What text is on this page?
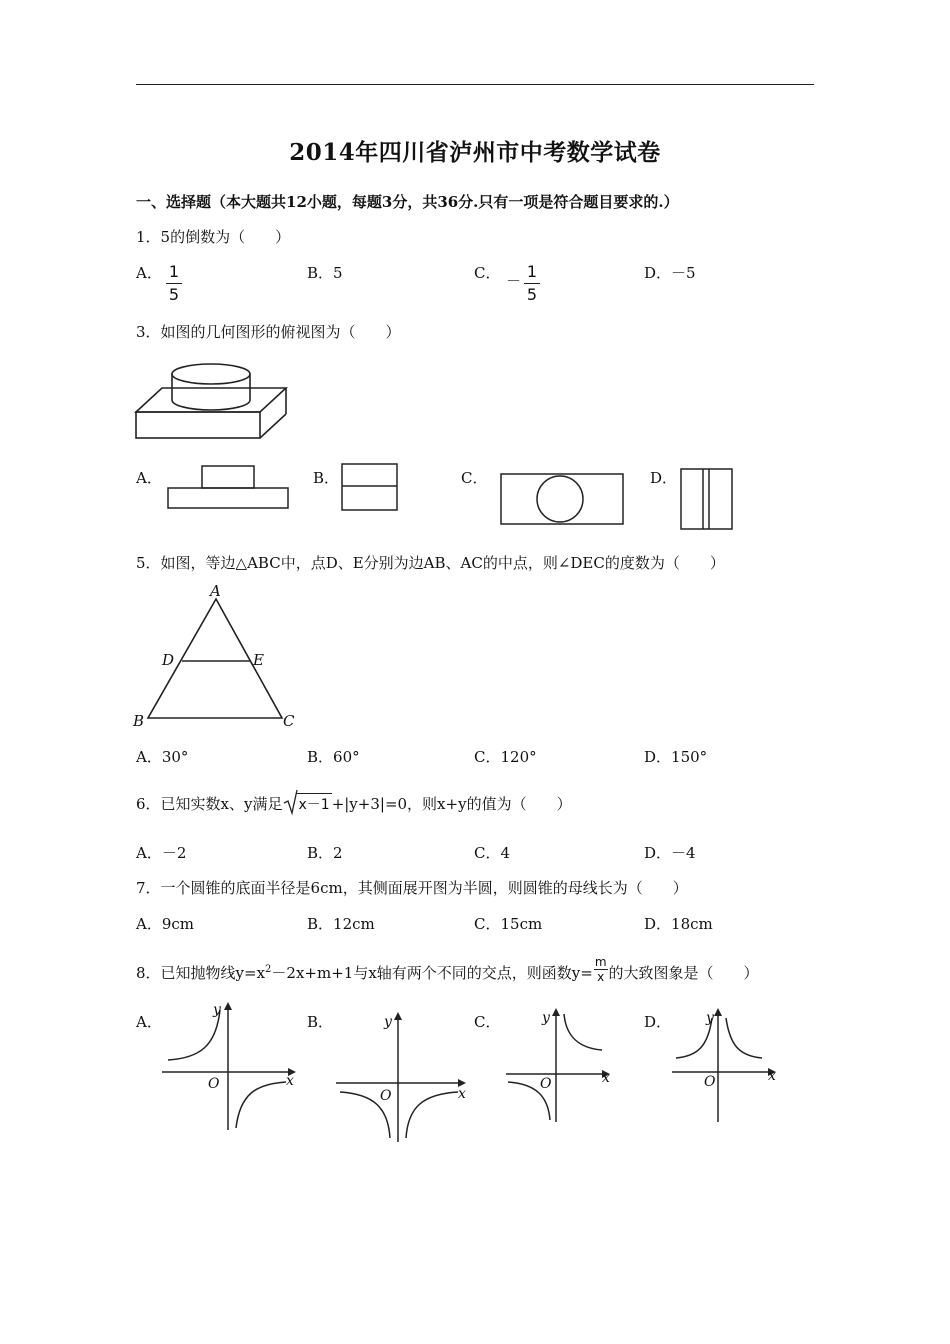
2014年四川省泸州市中考数学试卷
一、选择题（本大题共12小题，每题3分，共36分.只有一项是符合题目要求的.）
1．5的倒数为（　　）
A． 1
5
B．5	C． － 1
5
D．－5
3．如图的几何图形的俯视图为（　　）
A．	B．	C．	D．
5．如图，等边△ABC中，点D、E分别为边AB、AC的中点，则∠DEC的度数为（　　）
A
B	C
D	E
A．30°	B．60°	C．120°	D．150°
6．已知实数x、y满足 x－1 +|y+3|=0，则x+y的值为（　　）
A．－2	B．2	C．4	D．－4
7．一个圆锥的底面半径是6cm，其侧面展开图为半圆，则圆锥的母线长为（　　）
A．9cm	B．12cm	C．15cm	D．18cm
8．已知抛物线$y=x^2-2x+m+1$与x轴有两个不同的交点，则函数$y= \frac{m}{x}$ 的大致图象是（　　）
A．
x
y
O
B．
x
y
O
C．
x
y
O
D．
x
y
O
